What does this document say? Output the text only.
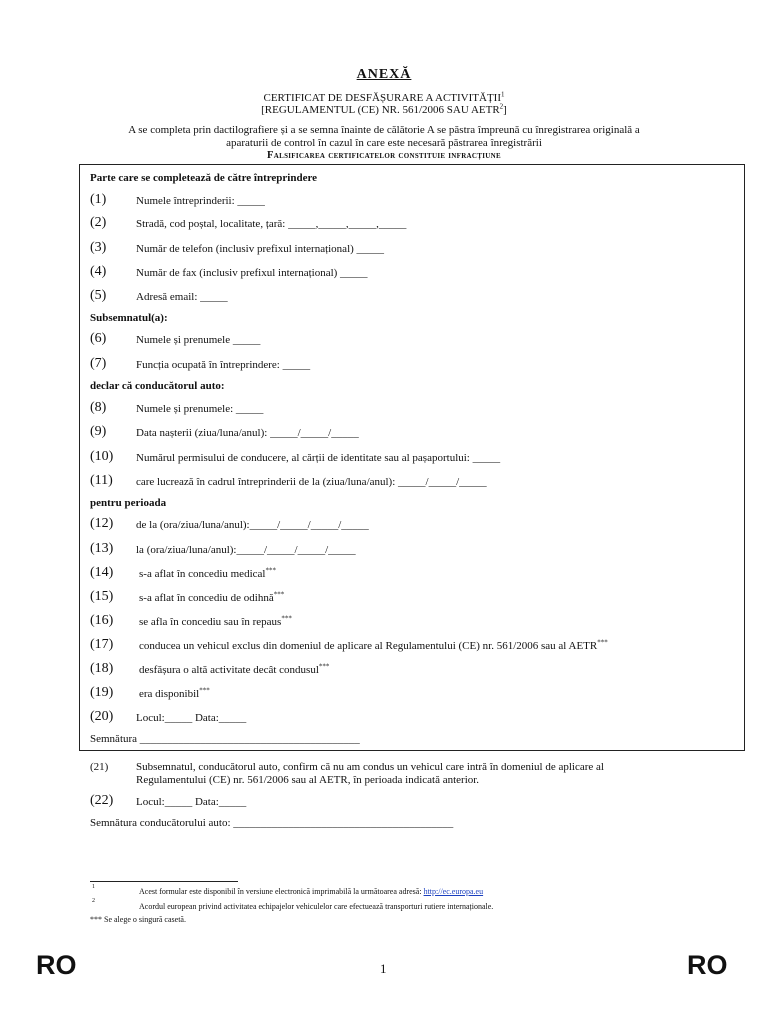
ANEXĂ
CERTIFICAT DE DESFĂȘURARE A ACTIVITĂȚII$^1$
[REGULAMENTUL (CE) NR. 561/2006 SAU AETR$^2$]
A se completa prin dactilografiere și a se semna înainte de călătorie A se păstra împreună cu înregistrarea originală a
aparaturii de control în cazul în care este necesară păstrarea înregistrării
Falsificarea certificatelor constituie infracțiune
Parte care se completează de către întreprindere
(1)	Numele întreprinderii: _____
(2)	Stradă, cod poștal, localitate, țară: _____,_____,_____,_____
(3)	Număr de telefon (inclusiv prefixul internațional) _____
(4)	Număr de fax (inclusiv prefixul internațional) _____
(5)	Adresă email: _____
Subsemnatul(a):
(6)	Numele și prenumele _____
(7)	Funcția ocupată în întreprindere: _____
declar că conducătorul auto:
(8)	Numele și prenumele: _____
(9)	Data nașterii (ziua/luna/anul): _____/_____/_____
(10) Numărul permisului de conducere, al cărții de identitate sau al pașaportului: _____
(11) care lucrează în cadrul întreprinderii de la (ziua/luna/anul): _____/_____/_____
pentru perioada
(12) de la (ora/ziua/luna/anul):_____/_____/_____/_____
(13) la (ora/ziua/luna/anul):_____/_____/_____/_____
(14) s-a aflat în concediu medical***
(15) s-a aflat în concediu de odihnă***
(16) se afla în concediu sau în repaus***
(17) conducea un vehicul exclus din domeniul de aplicare al Regulamentului (CE) nr. 561/2006 sau al AETR***
(18) desfășura o altă activitate decât condusul***
(19) era disponibil***
(20) Locul:_____ Data:_____
Semnătura ________________________________________
(21)	Subsemnatul, conducătorul auto, confirm că nu am condus un vehicul care intră în domeniul de aplicare al
Regulamentului (CE) nr. 561/2006 sau al AETR, în perioada indicată anterior.
(22) Locul:_____ Data:_____
Semnătura conducătorului auto: ________________________________________
1	Acest formular este disponibil în versiune electronică imprimabilă la următoarea adresă: http://ec.europa.eu
2
Acordul european privind activitatea echipajelor vehiculelor care efectuează transporturi rutiere internaționale.
*** Se alege o singură casetă.
RO	1	RO
